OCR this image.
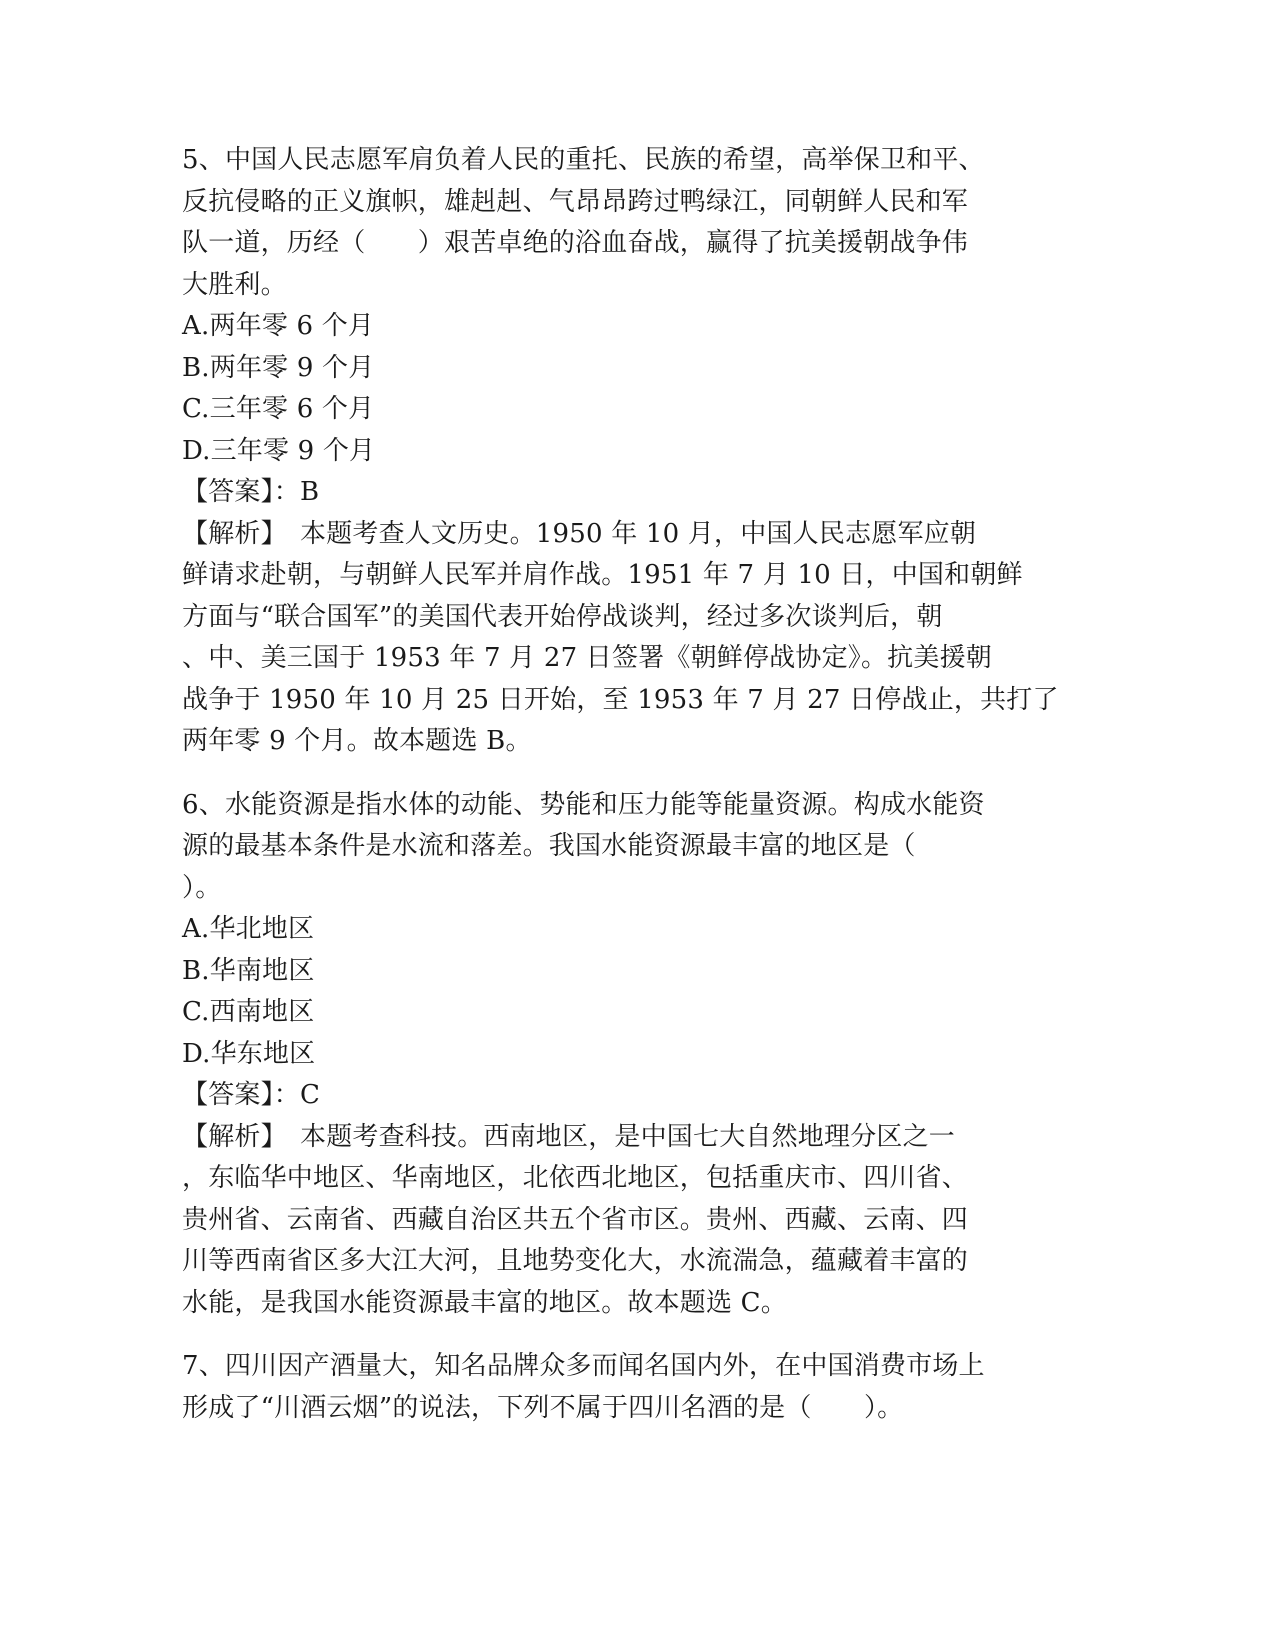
5、中国人民志愿军肩负着人民的重托、民族的希望，高举保卫和平、
反抗侵略的正义旗帜，雄赳赳、气昂昂跨过鸭绿江，同朝鲜人民和军
队一道，历经（　　）艰苦卓绝的浴血奋战，赢得了抗美援朝战争伟
大胜利。
A.两年零 6 个月
B.两年零 9 个月
C.三年零 6 个月
D.三年零 9 个月
【答案】：B
【解析】　本题考查人文历史。1950 年 10 月，中国人民志愿军应朝
鲜请求赴朝，与朝鲜人民军并肩作战。1951 年 7 月 10 日，中国和朝鲜
方面与“联合国军”的美国代表开始停战谈判，经过多次谈判后，朝
、中、美三国于 1953 年 7 月 27 日签署《朝鲜停战协定》。抗美援朝
战争于 1950 年 10 月 25 日开始，至 1953 年 7 月 27 日停战止，共打了
两年零 9 个月。故本题选 B。
6、水能资源是指水体的动能、势能和压力能等能量资源。构成水能资
源的最基本条件是水流和落差。我国水能资源最丰富的地区是（
）。
A.华北地区
B.华南地区
C.西南地区
D.华东地区
【答案】：C
【解析】　本题考查科技。西南地区，是中国七大自然地理分区之一
，东临华中地区、华南地区，北依西北地区，包括重庆市、四川省、
贵州省、云南省、西藏自治区共五个省市区。贵州、西藏、云南、四
川等西南省区多大江大河，且地势变化大，水流湍急，蕴藏着丰富的
水能，是我国水能资源最丰富的地区。故本题选 C。
7、四川因产酒量大，知名品牌众多而闻名国内外，在中国消费市场上
形成了“川酒云烟”的说法，下列不属于四川名酒的是（　　）。
